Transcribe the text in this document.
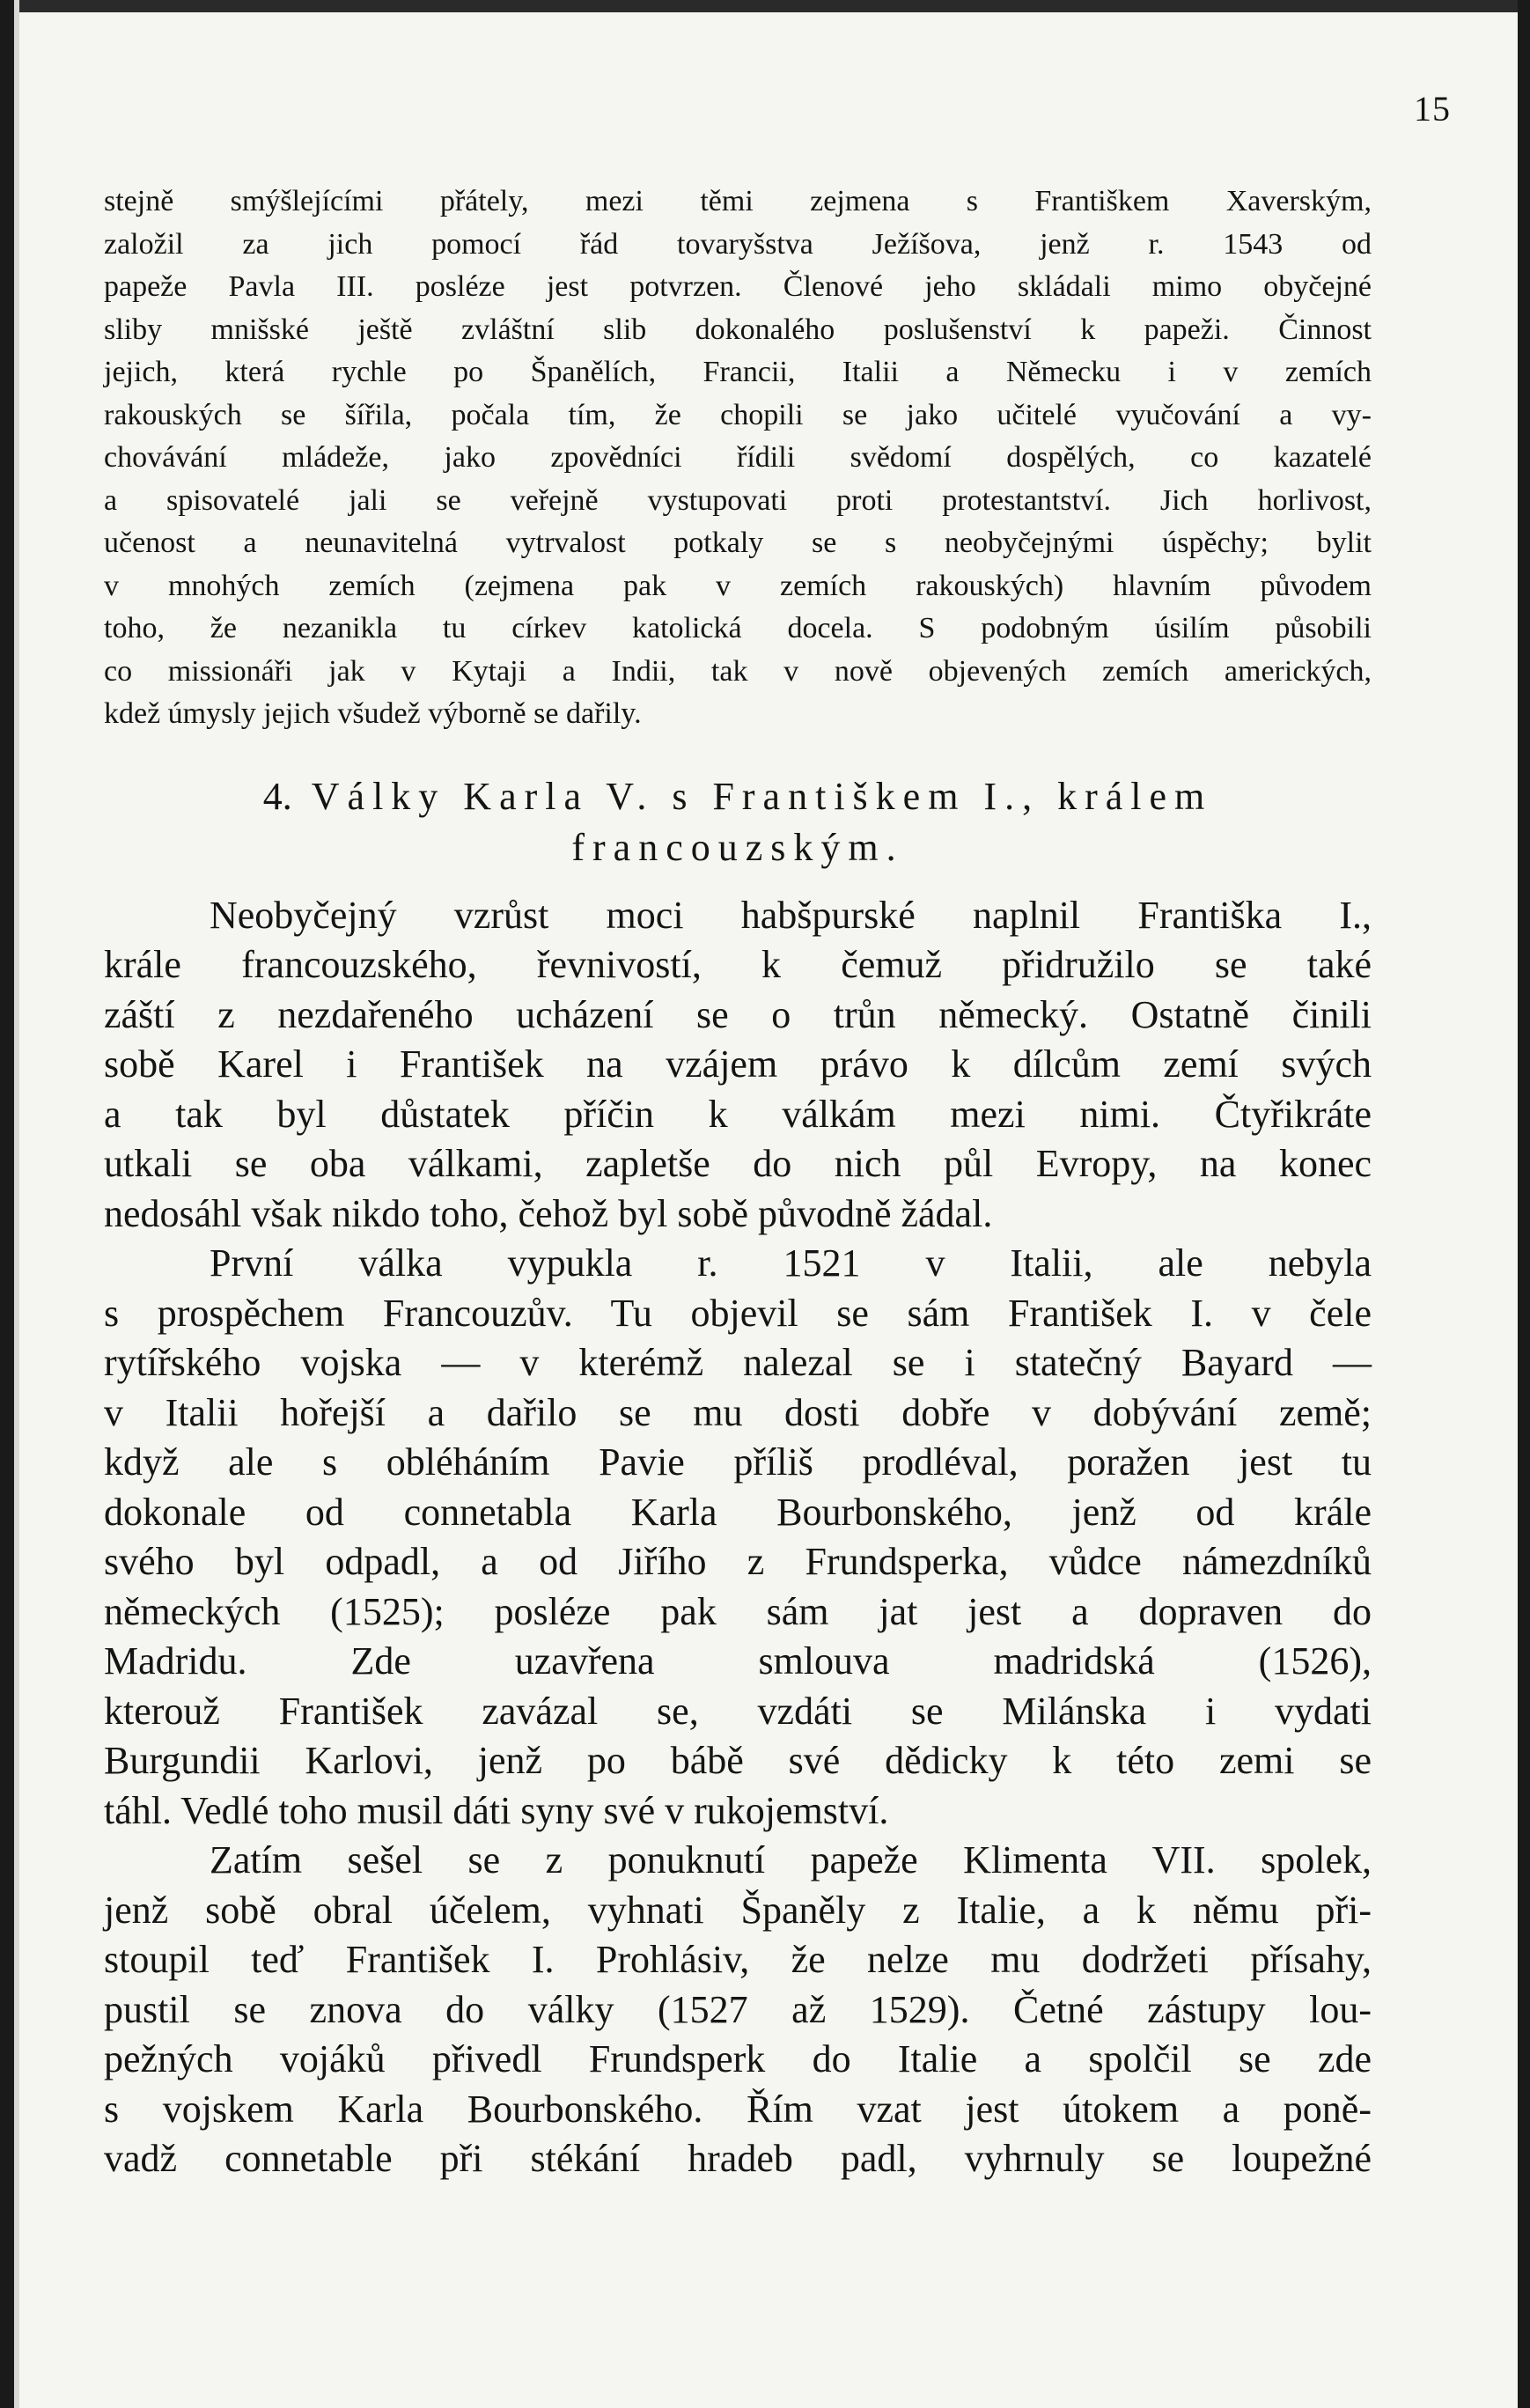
15

stejně smýšlejícími přátely, mezi těmi zejmena s Františkem Xaverským,

založil za jich pomocí řád tovaryšstva Ježíšova, jenž r. 1543 od

papeže Pavla III. posléze jest potvrzen. Členové jeho skládali mimo obyčejné

sliby mnišské ještě zvláštní slib dokonalého poslušenství k papeži. Činnost

jejich, která rychle po Španělích, Francii, Italii a Německu i v zemích

rakouských se šířila, počala tím, že chopili se jako učitelé vyučování a vy-

chovávání mládeže, jako zpovědníci řídili svědomí dospělých, co kazatelé

a spisovatelé jali se veřejně vystupovati proti protestantství. Jich horlivost,

učenost a neunavitelná vytrvalost potkaly se s neobyčejnými úspěchy; bylit

v mnohých zemích (zejmena pak v zemích rakouských) hlavním původem

toho, že nezanikla tu církev katolická docela. S podobným úsilím působili

co missionáři jak v Kytaji a Indii, tak v nově objevených zemích amerických,

kdež úmysly jejich všudež výborně se dařily.

4. Války Karla V. s Františkem I., králem
francouzským.

Neobyčejný vzrůst moci habšpurské naplnil Františka I.,

krále francouzského, řevnivostí, k čemuž přidružilo se také

záští z nezdařeného ucházení se o trůn německý. Ostatně činili

sobě Karel i František na vzájem právo k dílcům zemí svých

a tak byl důstatek příčin k válkám mezi nimi. Čtyřikráte

utkali se oba válkami, zapletše do nich půl Evropy, na konec

nedosáhl však nikdo toho, čehož byl sobě původně žádal.

První válka vypukla r. 1521 v Italii, ale nebyla

s prospěchem Francouzův. Tu objevil se sám František I. v čele

rytířského vojska — v kterémž nalezal se i statečný Bayard —

v Italii hořejší a dařilo se mu dosti dobře v dobývání země;

když ale s obléháním Pavie příliš prodléval, poražen jest tu

dokonale od connetabla Karla Bourbonského, jenž od krále

svého byl odpadl, a od Jiřího z Frundsperka, vůdce námezdníků

německých (1525); posléze pak sám jat jest a dopraven do

Madridu. Zde uzavřena smlouva madridská (1526),

kterouž František zavázal se, vzdáti se Milánska i vydati

Burgundii Karlovi, jenž po bábě své dědicky k této zemi se

táhl. Vedlé toho musil dáti syny své v rukojemství.

Zatím sešel se z ponuknutí papeže Klimenta VII. spolek,

jenž sobě obral účelem, vyhnati Španěly z Italie, a k němu při-

stoupil teď František I. Prohlásiv, že nelze mu dodržeti přísahy,

pustil se znova do války (1527 až 1529). Četné zástupy lou-

pežných vojáků přivedl Frundsperk do Italie a spolčil se zde

s vojskem Karla Bourbonského. Řím vzat jest útokem a poně-

vadž connetable při stékání hradeb padl, vyhrnuly se loupežné
